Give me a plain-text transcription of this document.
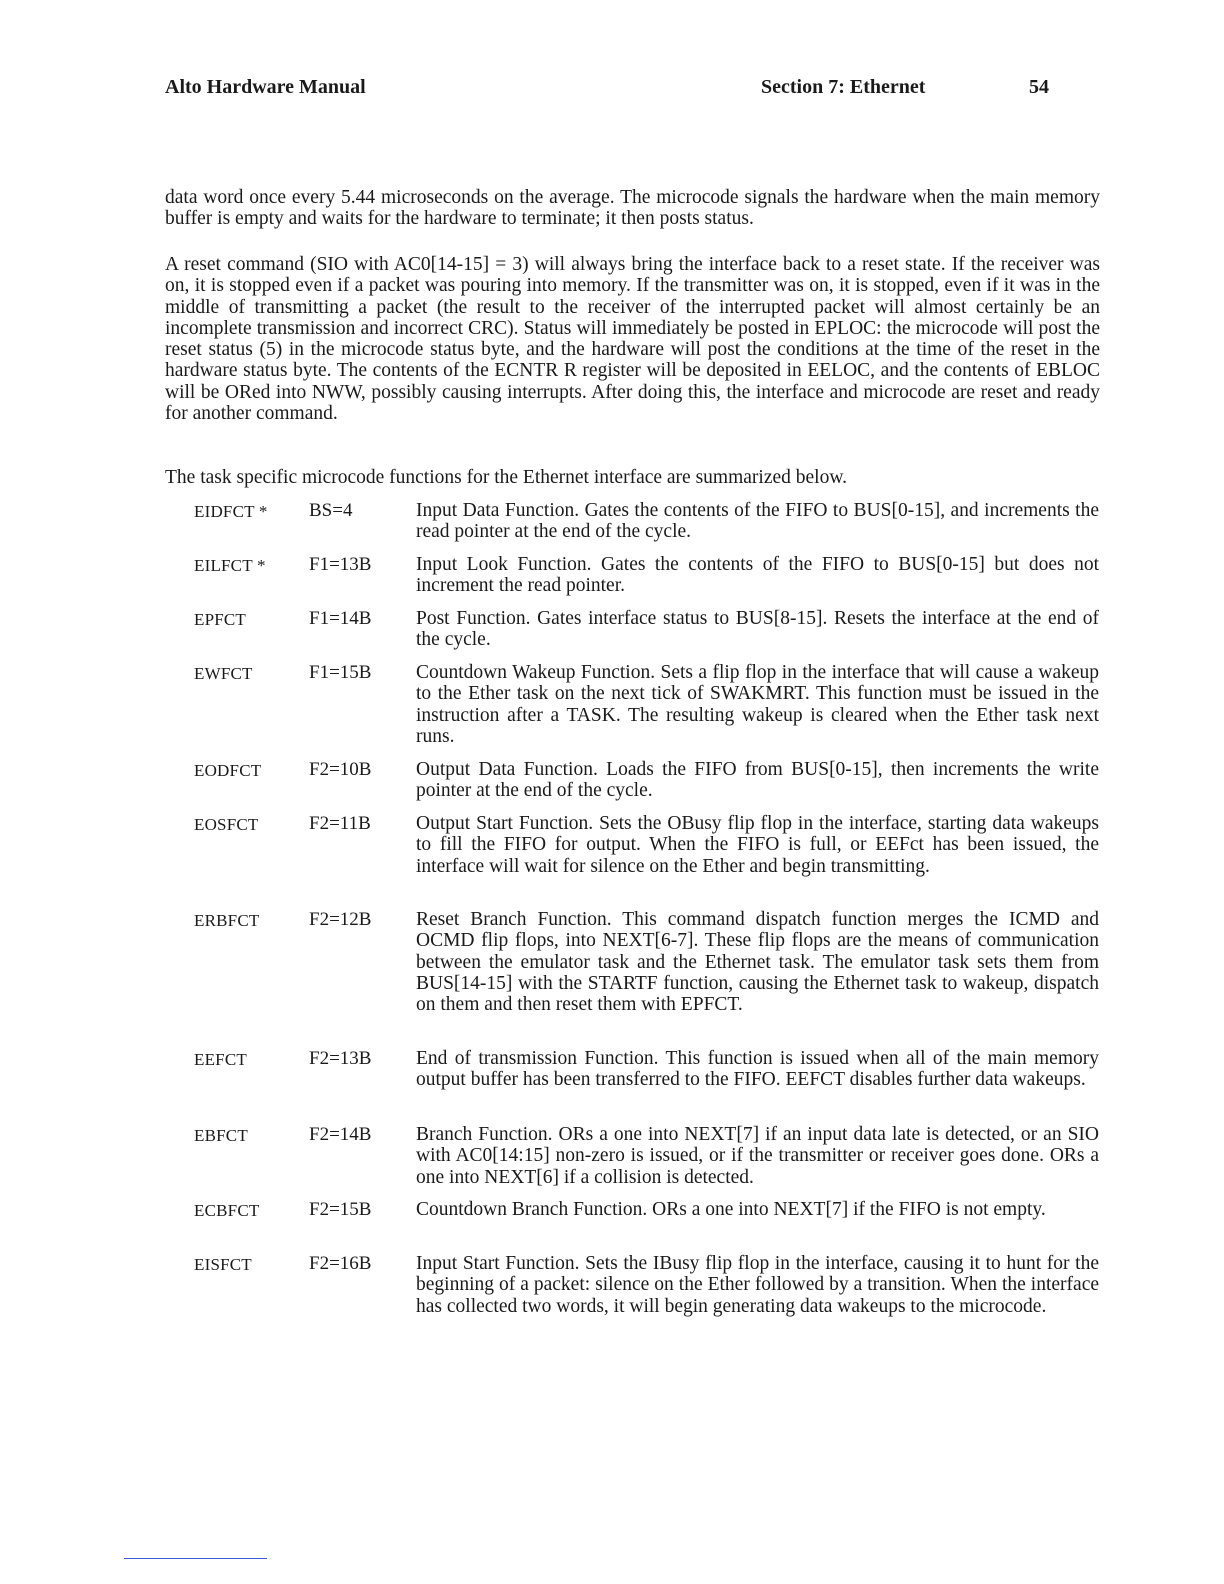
Alto Hardware Manual	Section 7: Ethernet	54

data word once every 5.44 microseconds on the average. The microcode signals the hardware when the main memory buffer is empty and waits for the hardware to terminate; it then posts status.

A reset command (SIO with AC0[14-15] = 3) will always bring the interface back to a reset state. If the receiver was on, it is stopped even if a packet was pouring into memory. If the transmitter was on, it is stopped, even if it was in the middle of transmitting a packet (the result to the receiver of the interrupted packet will almost certainly be an incomplete transmission and incorrect CRC). Status will immediately be posted in EPLOC: the microcode will post the reset status (5) in the microcode status byte, and the hardware will post the conditions at the time of the reset in the hardware status byte. The contents of the ECNTR R register will be deposited in EELOC, and the contents of EBLOC will be ORed into NWW, possibly causing interrupts. After doing this, the interface and microcode are reset and ready for another command.

The task specific microcode functions for the Ethernet interface are summarized below.

EIDFCT * BS=4	Input Data Function. Gates the contents of the FIFO to BUS[0-15], and increments the read pointer at the end of the cycle.

EILFCT * F1=13B Input Look Function. Gates the contents of the FIFO to BUS[0-15] but does not increment the read pointer.

EPFCT	F1=14B Post Function. Gates interface status to BUS[8-15]. Resets the interface at the end of the cycle.

EWFCT	F1=15B Countdown Wakeup Function. Sets a flip flop in the interface that will cause a wakeup to the Ether task on the next tick of SWAKMRT. This function must be issued in the instruction after a TASK. The resulting wakeup is cleared when the Ether task next runs.

EODFCT	F2=10B Output Data Function. Loads the FIFO from BUS[0-15], then increments the write pointer at the end of the cycle.

EOSFCT	F2=11B Output Start Function. Sets the OBusy flip flop in the interface, starting data wakeups to fill the FIFO for output. When the FIFO is full, or EEFct has been issued, the interface will wait for silence on the Ether and begin transmitting.

ERBFCT	F2=12B Reset Branch Function. This command dispatch function merges the ICMD and OCMD flip flops, into NEXT[6-7]. These flip flops are the means of communication between the emulator task and the Ethernet task. The emulator task sets them from BUS[14-15] with the STARTF function, causing the Ethernet task to wakeup, dispatch on them and then reset them with EPFCT.

EEFCT	F2=13B End of transmission Function. This function is issued when all of the main memory output buffer has been transferred to the FIFO. EEFCT disables further data wakeups.

EBFCT	F2=14B Branch Function. ORs a one into NEXT[7] if an input data late is detected, or an SIO with AC0[14:15] non-zero is issued, or if the transmitter or receiver goes done. ORs a one into NEXT[6] if a collision is detected.

ECBFCT	F2=15B Countdown Branch Function. ORs a one into NEXT[7] if the FIFO is not empty.

EISFCT	F2=16B Input Start Function. Sets the IBusy flip flop in the interface, causing it to hunt for the beginning of a packet: silence on the Ether followed by a transition. When the interface has collected two words, it will begin generating data wakeups to the microcode.
